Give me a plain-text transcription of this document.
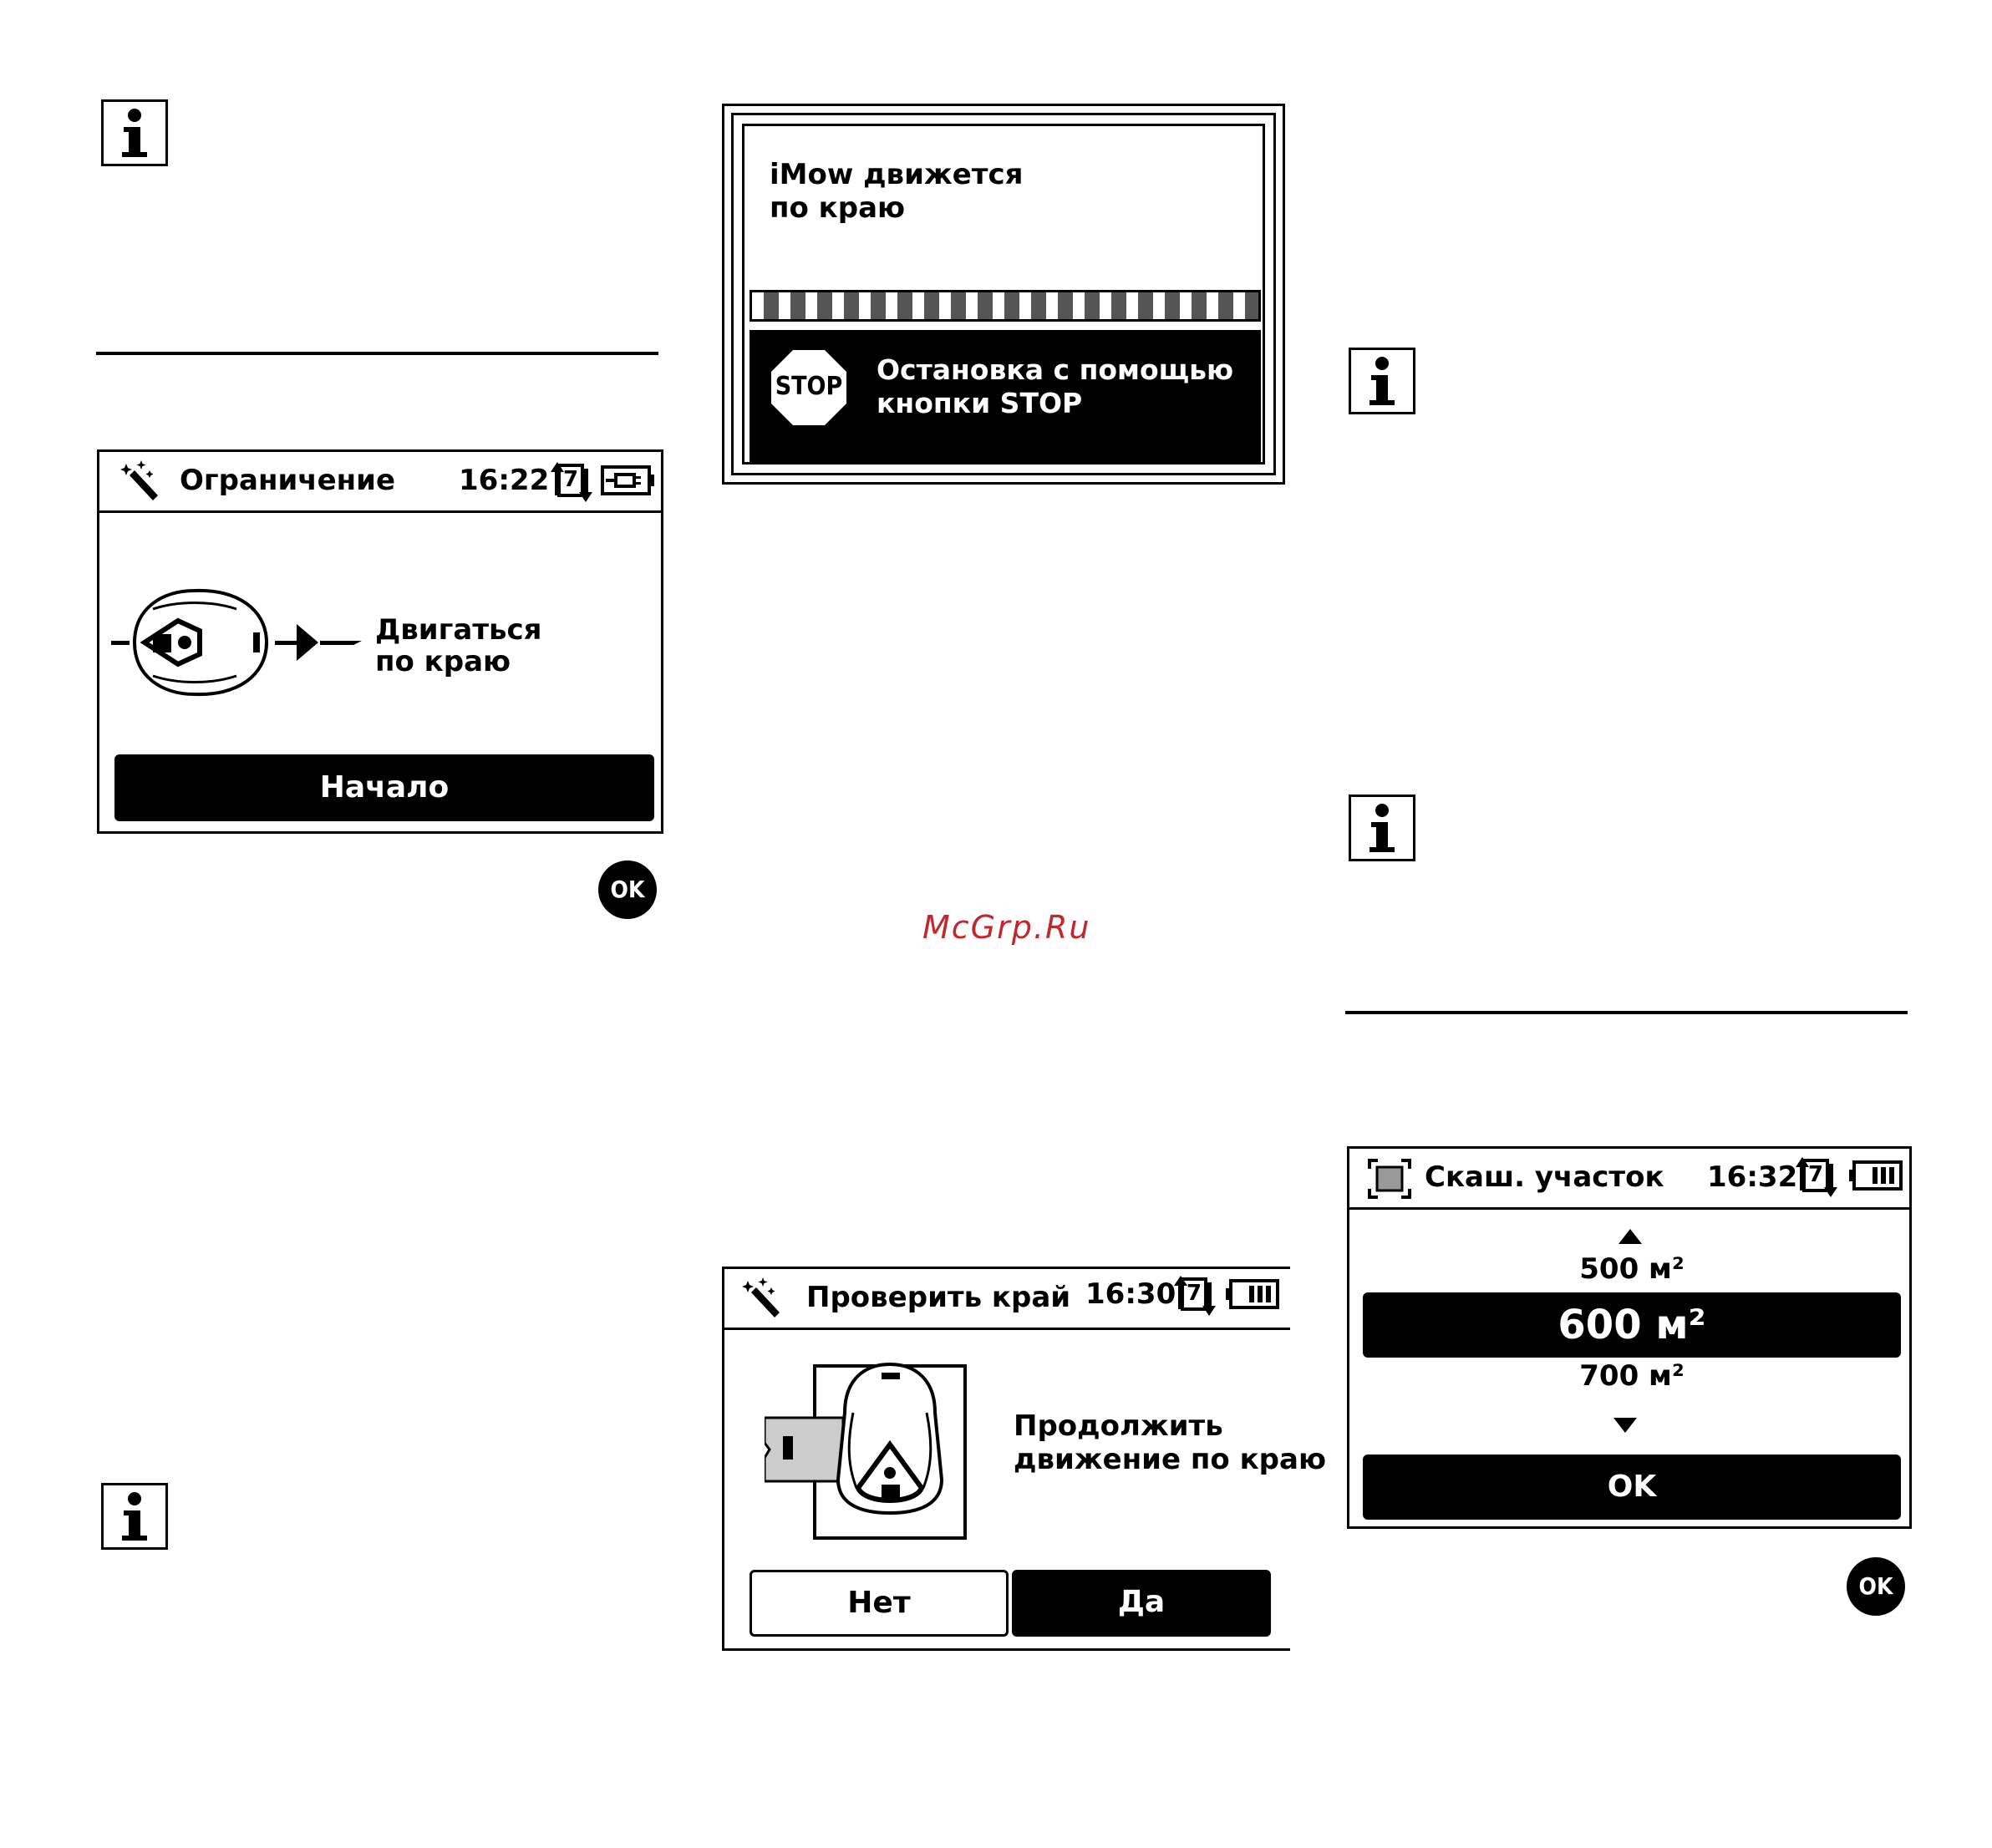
Ограничение 16:22 7
Двигаться
по краю
Начало
OK
iMow движется
по краю
STOP
Остановка с помощью
кнопки STOP
McGrp.Ru
Проверить край 16:30 7
Продолжить
движение по краю
Нет	Да
Скаш. участок 16:32 7
500 м²
600 м²
700 м²
OK
OK
